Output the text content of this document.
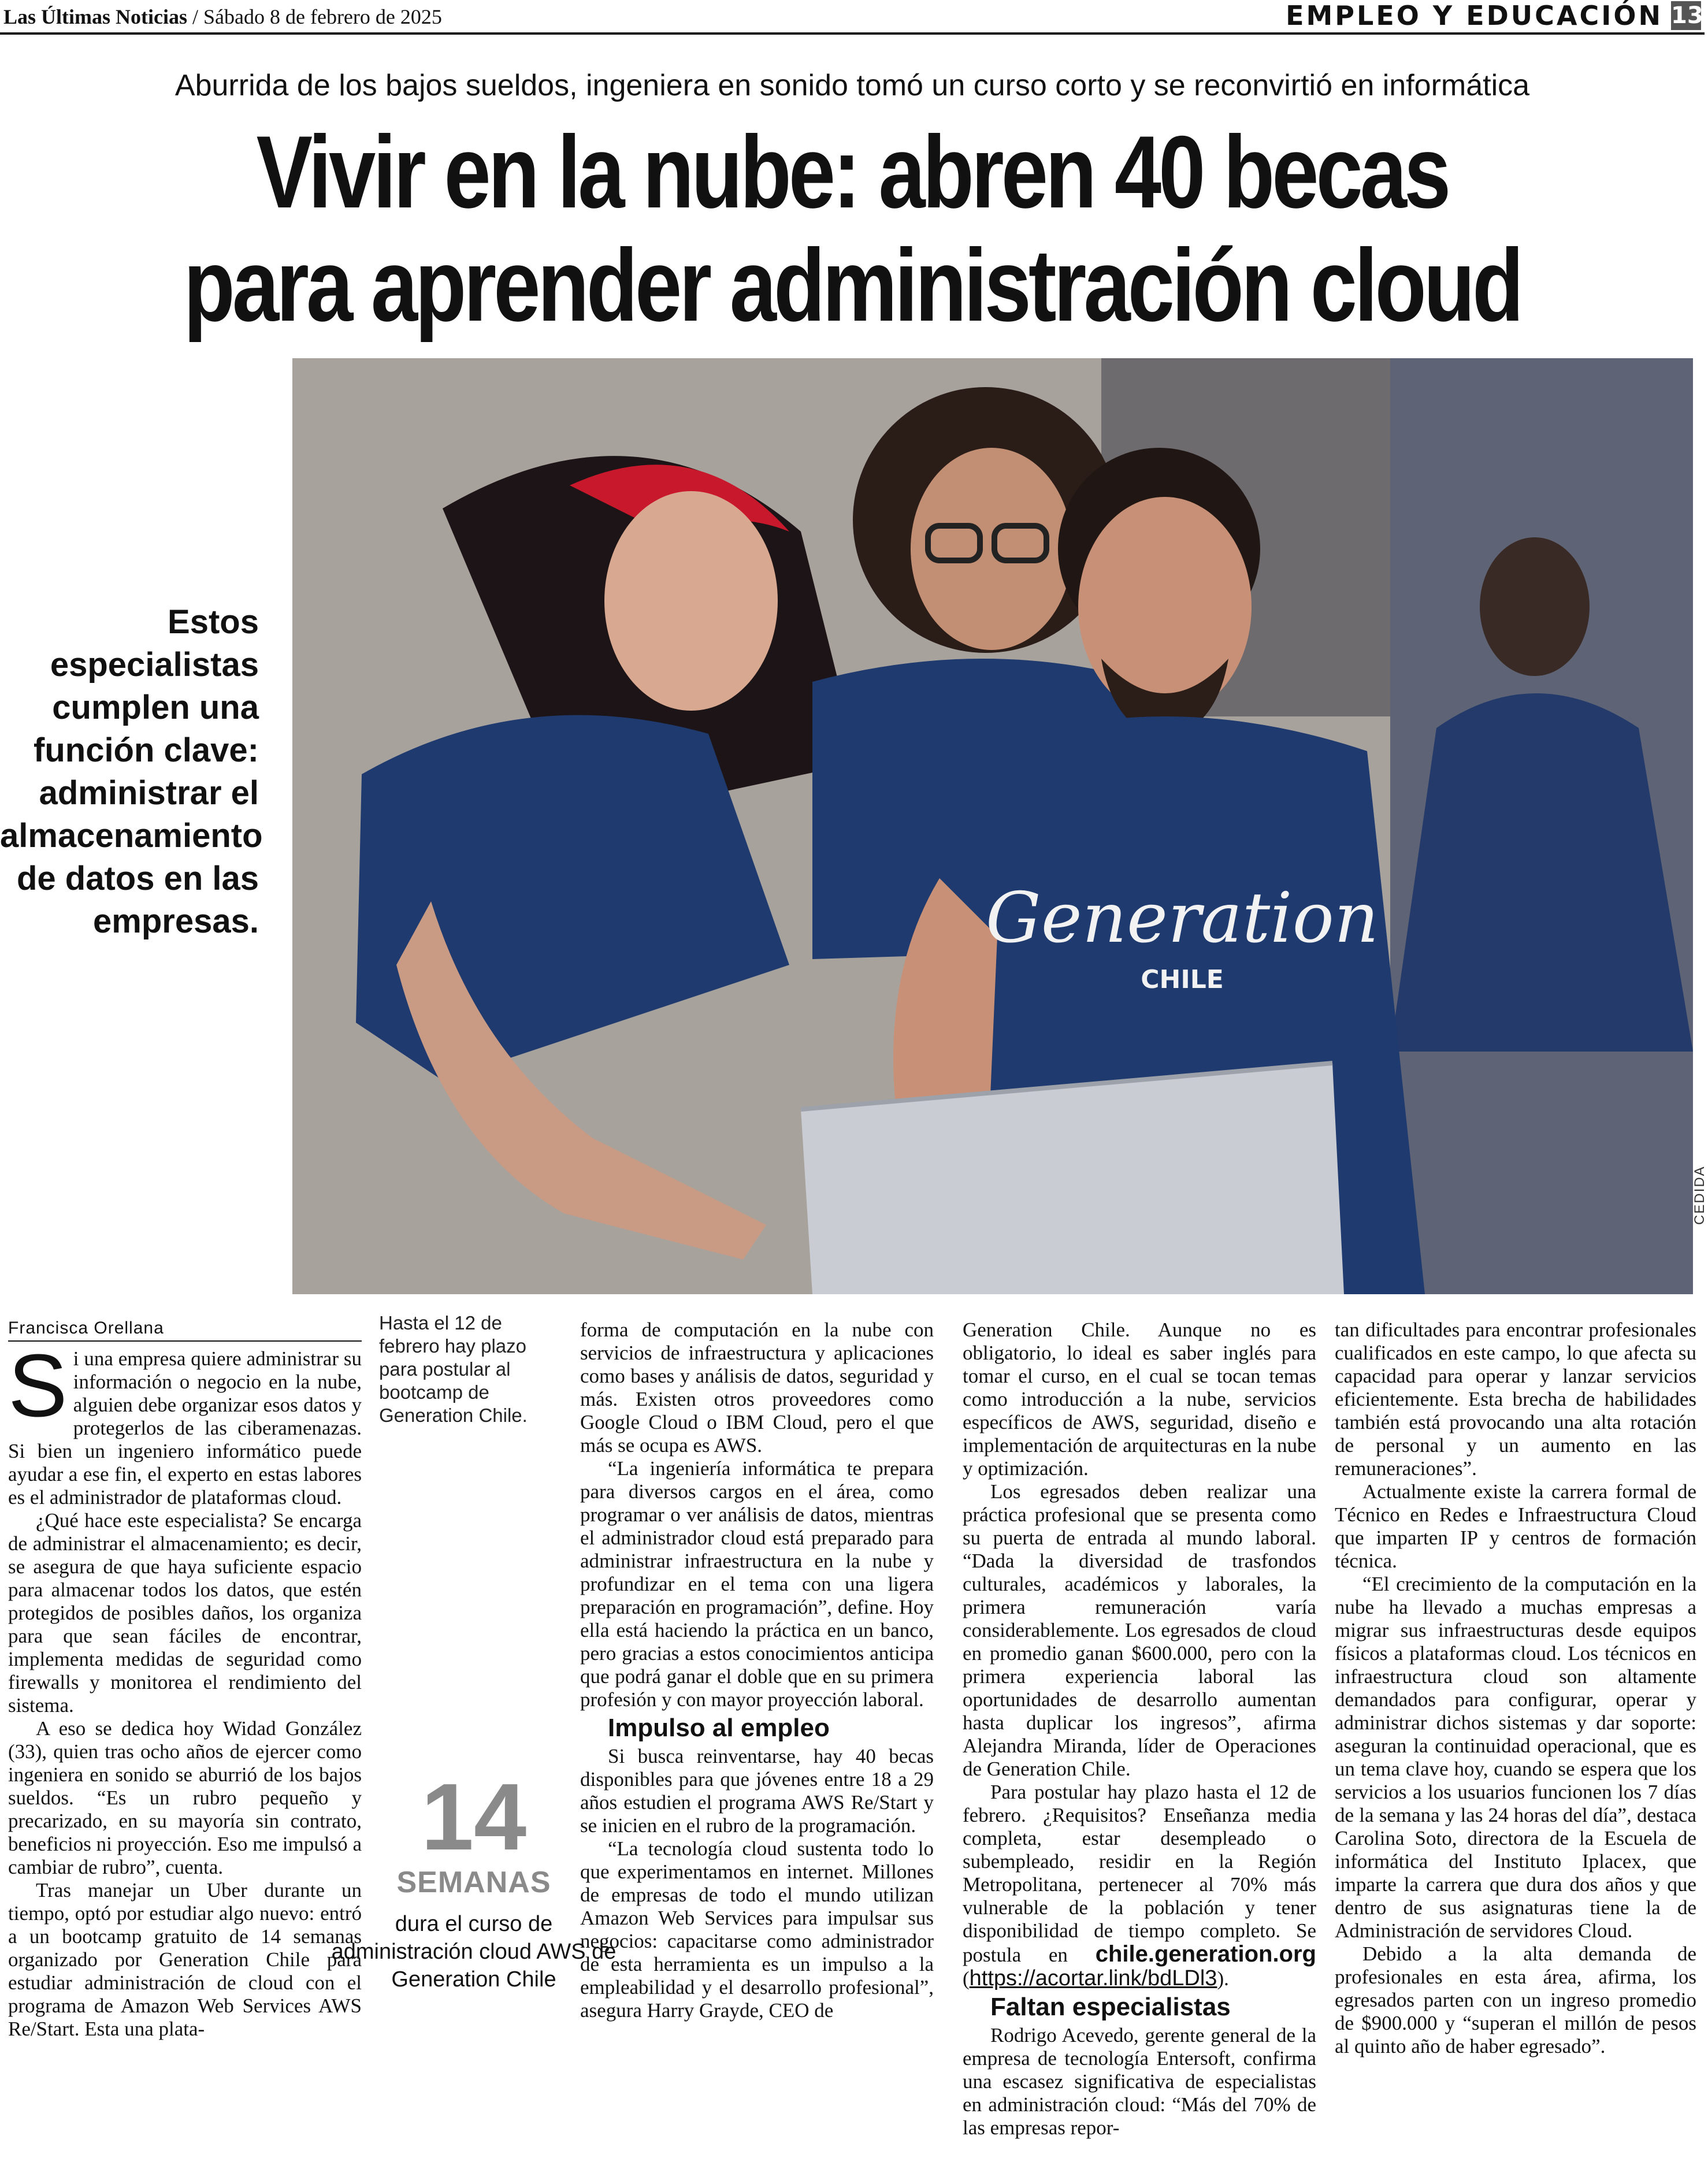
Las Últimas Noticias / Sábado 8 de febrero de 2025	EMPLEO Y EDUCACIÓN 13
Aburrida de los bajos sueldos, ingeniera en sonido tomó un curso corto y se reconvirtió en informática
Vivir en la nube: abren 40 becas para aprender administración cloud
Generation
CHILE
CEDIDA
Estos especialistas cumplen una función clave: administrar el almacenamiento de datos en las empresas.
Francisca Orellana

Si una empresa quiere administrar su información o negocio en la nube, alguien debe organizar esos datos y protegerlos de las ciberamenazas. Si bien un ingeniero informático puede ayudar a ese fin, el experto en estas labores es el administrador de plataformas cloud.

¿Qué hace este especialista? Se encarga de administrar el almacenamiento; es decir, se asegura de que haya suficiente espacio para almacenar todos los datos, que estén protegidos de posibles daños, los organiza para que sean fáciles de encontrar, implementa medidas de seguridad como firewalls y monitorea el rendimiento del sistema.

A eso se dedica hoy Widad González (33), quien tras ocho años de ejercer como ingeniera en sonido se aburrió de los bajos sueldos. “Es un rubro pequeño y precarizado, en su mayoría sin contrato, beneficios ni proyección. Eso me impulsó a cambiar de rubro”, cuenta.

Tras manejar un Uber durante un tiempo, optó por estudiar algo nuevo: entró a un bootcamp gratuito de 14 semanas organizado por Generation Chile para estudiar administración de cloud con el programa de Amazon Web Services AWS Re/Start. Esta una plata-

Hasta el 12 de febrero hay plazo para postular al bootcamp de Generation Chile.
14
SEMANAS
dura el curso de administración cloud AWS de Generation Chile

forma de computación en la nube con servicios de infraestructura y aplicaciones como bases y análisis de datos, seguridad y más. Existen otros proveedores como Google Cloud o IBM Cloud, pero el que más se ocupa es AWS.

“La ingeniería informática te prepara para diversos cargos en el área, como programar o ver análisis de datos, mientras el administrador cloud está preparado para administrar infraestructura en la nube y profundizar en el tema con una ligera preparación en programación”, define. Hoy ella está haciendo la práctica en un banco, pero gracias a estos conocimientos anticipa que podrá ganar el doble que en su primera profesión y con mayor proyección laboral.

Impulso al empleo

Si busca reinventarse, hay 40 becas disponibles para que jóvenes entre 18 a 29 años estudien el programa AWS Re/Start y se inicien en el rubro de la programación.

“La tecnología cloud sustenta todo lo que experimentamos en internet. Millones de empresas de todo el mundo utilizan Amazon Web Services para impulsar sus negocios: capacitarse como administrador de esta herramienta es un impulso a la empleabilidad y el desarrollo profesional”, asegura Harry Grayde, CEO de

Generation Chile. Aunque no es obligatorio, lo ideal es saber inglés para tomar el curso, en el cual se tocan temas como introducción a la nube, servicios específicos de AWS, seguridad, diseño e implementación de arquitecturas en la nube y optimización.

Los egresados deben realizar una práctica profesional que se presenta como su puerta de entrada al mundo laboral. “Dada la diversidad de trasfondos culturales, académicos y laborales, la primera remuneración varía considerablemente. Los egresados de cloud en promedio ganan $600.000, pero con la primera experiencia laboral las oportunidades de desarrollo aumentan hasta duplicar los ingresos”, afirma Alejandra Miranda, líder de Operaciones de Generation Chile.

Para postular hay plazo hasta el 12 de febrero. ¿Requisitos? Enseñanza media completa, estar desempleado o subempleado, residir en la Región Metropolitana, pertenecer al 70% más vulnerable de la población y tener disponibilidad de tiempo completo. Se postula en chile.generation.org (https://acortar.link/bdLDl3).

Faltan especialistas

Rodrigo Acevedo, gerente general de la empresa de tecnología Entersoft, confirma una escasez significativa de especialistas en administración cloud: “Más del 70% de las empresas repor-

tan dificultades para encontrar profesionales cualificados en este campo, lo que afecta su capacidad para operar y lanzar servicios eficientemente. Esta brecha de habilidades también está provocando una alta rotación de personal y un aumento en las remuneraciones”.

Actualmente existe la carrera formal de Técnico en Redes e Infraestructura Cloud que imparten IP y centros de formación técnica.

“El crecimiento de la computación en la nube ha llevado a muchas empresas a migrar sus infraestructuras desde equipos físicos a plataformas cloud. Los técnicos en infraestructura cloud son altamente demandados para configurar, operar y administrar dichos sistemas y dar soporte: aseguran la continuidad operacional, que es un tema clave hoy, cuando se espera que los servicios a los usuarios funcionen los 7 días de la semana y las 24 horas del día”, destaca Carolina Soto, directora de la Escuela de informática del Instituto Iplacex, que imparte la carrera que dura dos años y que dentro de sus asignaturas tiene la de Administración de servidores Cloud.

Debido a la alta demanda de profesionales en esta área, afirma, los egresados parten con un ingreso promedio de $900.000 y “superan el millón de pesos al quinto año de haber egresado”.
